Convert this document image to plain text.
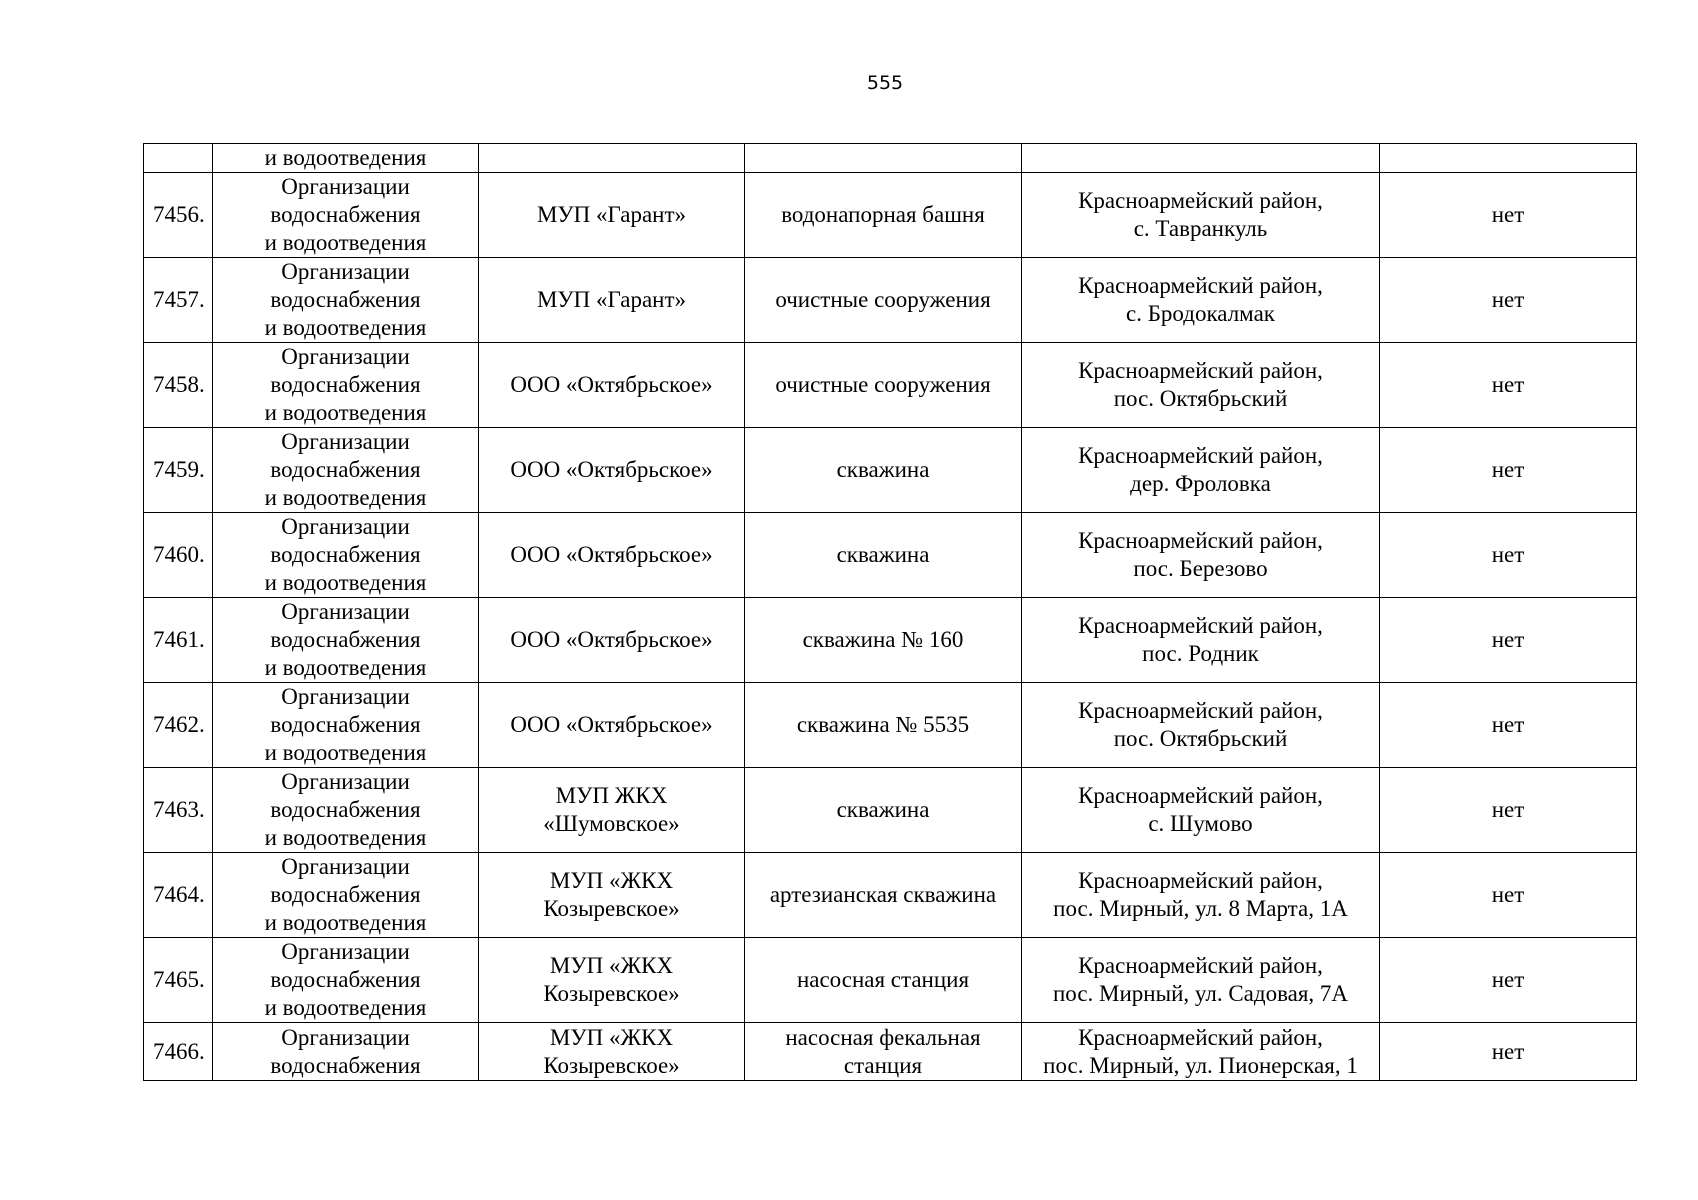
555

	и водоотведения				

7456.	Организации
водоснабжения
и водоотведения	МУП «Гарант»	водонапорная башня	Красноармейский район,
с. Тавранкуль	нет
7457.	Организации
водоснабжения
и водоотведения	МУП «Гарант»	очистные сооружения	Красноармейский район,
с. Бродокалмак	нет
7458.	Организации
водоснабжения
и водоотведения	ООО «Октябрьское»	очистные сооружения	Красноармейский район,
пос. Октябрьский	нет
7459.	Организации
водоснабжения
и водоотведения	ООО «Октябрьское»	скважина	Красноармейский район,
дер. Фроловка	нет
7460.	Организации
водоснабжения
и водоотведения	ООО «Октябрьское»	скважина	Красноармейский район,
пос. Березово	нет
7461.	Организации
водоснабжения
и водоотведения	ООО «Октябрьское»	скважина № 160	Красноармейский район,
пос. Родник	нет
7462.	Организации
водоснабжения
и водоотведения	ООО «Октябрьское»	скважина № 5535	Красноармейский район,
пос. Октябрьский	нет
7463.	Организации
водоснабжения
и водоотведения	МУП ЖКХ
«Шумовское»	скважина	Красноармейский район,
с. Шумово	нет
7464.	Организации
водоснабжения
и водоотведения	МУП «ЖКХ
Козыревское»	артезианская скважина	Красноармейский район,
пос. Мирный, ул. 8 Марта, 1А	нет
7465.	Организации
водоснабжения
и водоотведения	МУП «ЖКХ
Козыревское»	насосная станция	Красноармейский район,
пос. Мирный, ул. Садовая, 7А	нет
7466.	Организации
водоснабжения	МУП «ЖКХ
Козыревское»	насосная фекальная
станция	Красноармейский район,
пос. Мирный, ул. Пионерская, 1	нет
